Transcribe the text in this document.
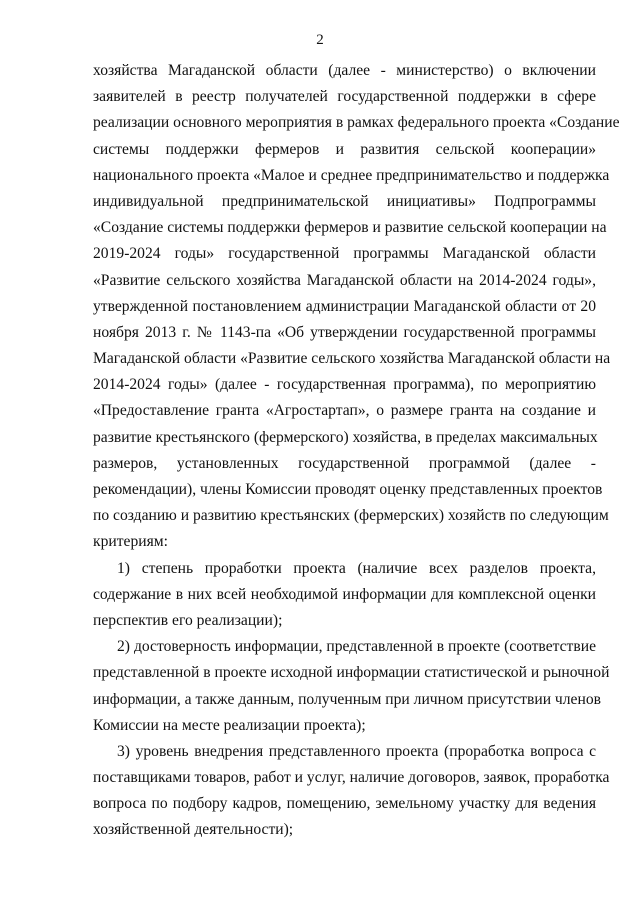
2
хозяйства Магаданской области (далее - министерство) о включении
заявителей в реестр получателей государственной поддержки в сфере
реализации основного мероприятия в рамках федерального проекта «Создание
системы поддержки фермеров и развития сельской кооперации»
национального проекта «Малое и среднее предпринимательство и поддержка
индивидуальной предпринимательской инициативы» Подпрограммы
«Создание системы поддержки фермеров и развитие сельской кооперации на
2019-2024 годы» государственной программы Магаданской области
«Развитие сельского хозяйства Магаданской области на 2014-2024 годы»,
утвержденной постановлением администрации Магаданской области от 20
ноября 2013 г. № 1143-па «Об утверждении государственной программы
Магаданской области «Развитие сельского хозяйства Магаданской области на
2014-2024 годы» (далее - государственная программа), по мероприятию
«Предоставление гранта «Агростартап», о размере гранта на создание и
развитие крестьянского (фермерского) хозяйства, в пределах максимальных
размеров, установленных государственной программой (далее -
рекомендации), члены Комиссии проводят оценку представленных проектов
по созданию и развитию крестьянских (фермерских) хозяйств по следующим
критериям:
1) степень проработки проекта (наличие всех разделов проекта,
содержание в них всей необходимой информации для комплексной оценки
перспектив его реализации);
2) достоверность информации, представленной в проекте (соответствие
представленной в проекте исходной информации статистической и рыночной
информации, а также данным, полученным при личном присутствии членов
Комиссии на месте реализации проекта);
3) уровень внедрения представленного проекта (проработка вопроса с
поставщиками товаров, работ и услуг, наличие договоров, заявок, проработка
вопроса по подбору кадров, помещению, земельному участку для ведения
хозяйственной деятельности);
